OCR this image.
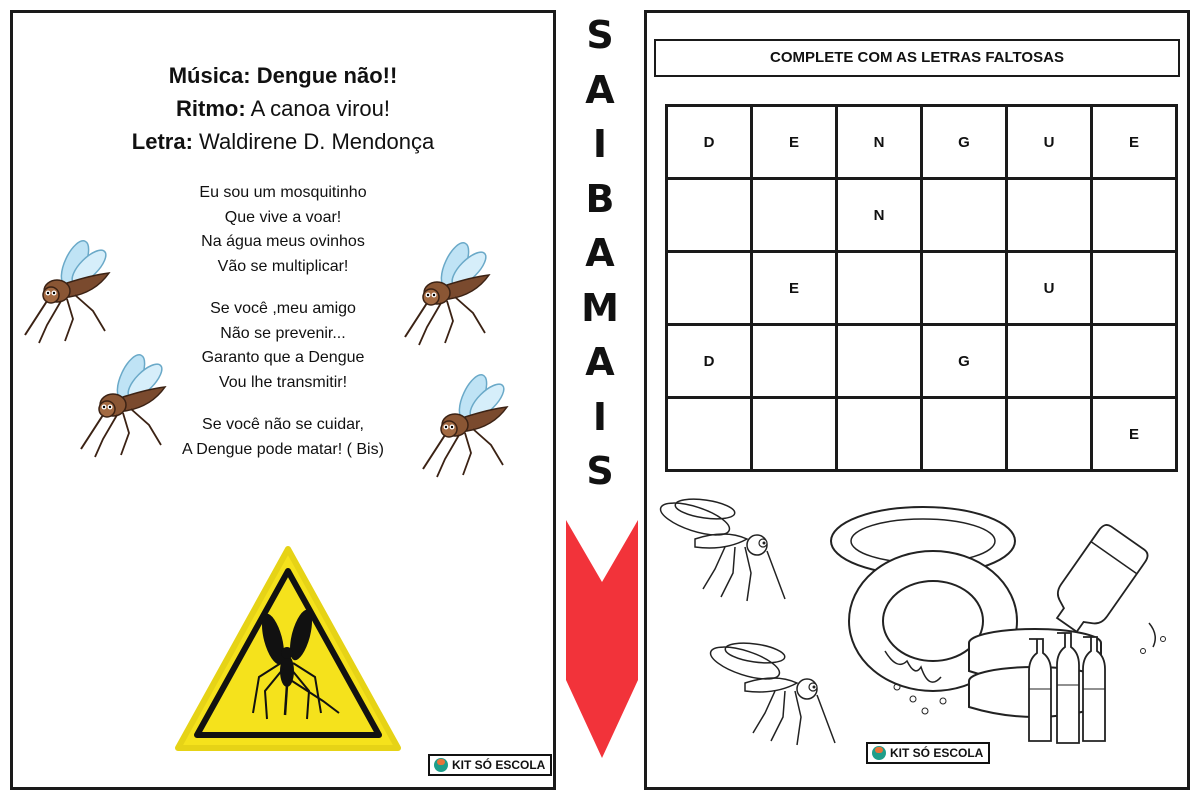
Música: Dengue não!!
Ritmo: A canoa virou!
Letra: Waldirene D. Mendonça
Eu sou um mosquitinho
Que vive a voar!
Na água meus ovinhos
Vão se multiplicar!
Se você ,meu amigo
Não se prevenir...
Garanto que a Dengue
Vou lhe transmitir!
Se você não se cuidar,
A Dengue pode matar! ( Bis)
KIT SÓ ESCOLA
S
A
I
B
A
M
A
I
S
COMPLETE COM AS LETRAS FALTOSAS
D	E	N	G	U	E
		N			
	E			U	
D			G		
					E
KIT SÓ ESCOLA
